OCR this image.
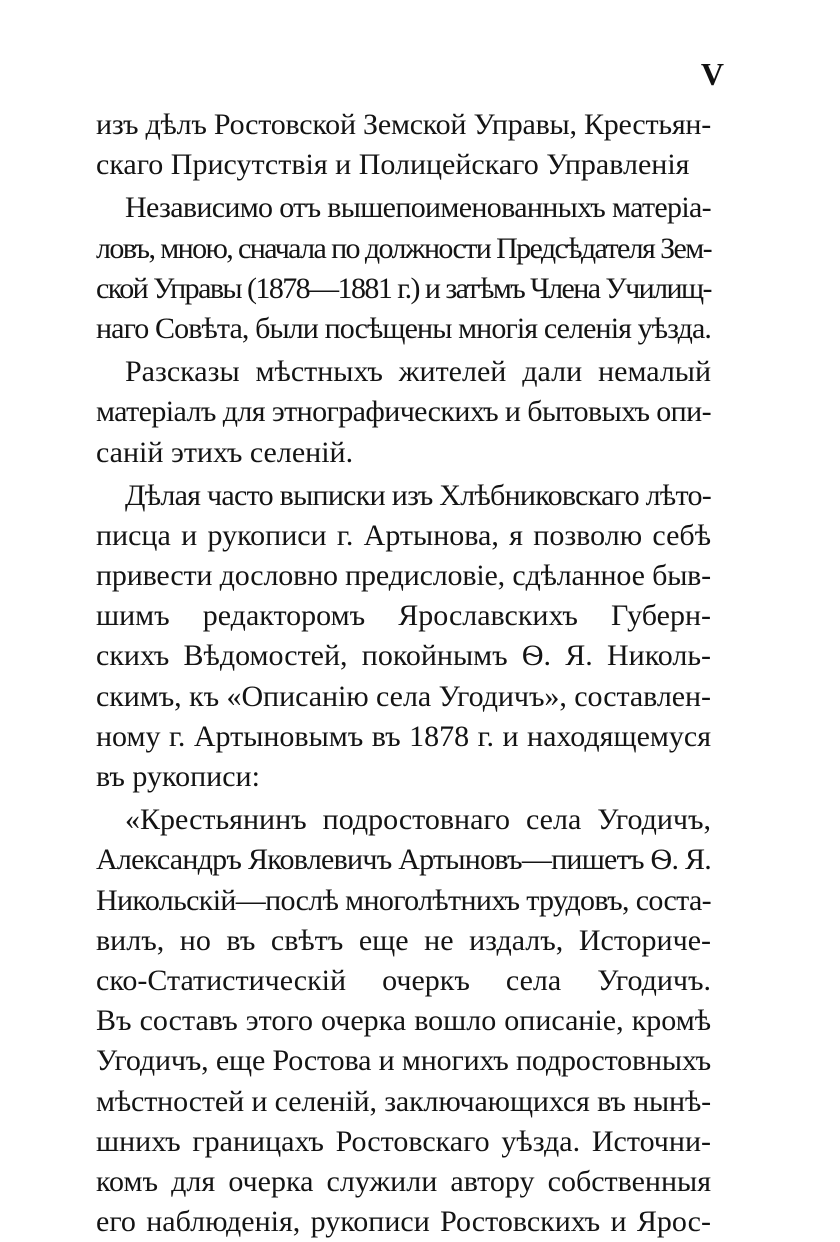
V
изъ дѣлъ Ростовской Земской Управы, Крестьян-
скаго Присутствія и Полицейскаго Управленія
Независимо отъ вышепоименованныхъ матеріа-
ловъ, мною, сначала по должности Предсѣдателя Зем-
ской Управы (1878—1881 г.) и затѣмъ Члена Училищ-
наго Совѣта, были посѣщены многія селенія уѣзда.
Разсказы мѣстныхъ жителей дали немалый
матеріалъ для этнографическихъ и бытовыхъ опи-
саній этихъ селеній.
Дѣлая часто выписки изъ Хлѣбниковскаго лѣто-
писца и рукописи г. Артынова, я позволю себѣ
привести дословно предисловіе, сдѣланное быв-
шимъ редакторомъ Ярославскихъ Губерн-
скихъ Вѣдомостей, покойнымъ Ѳ. Я. Николь-
скимъ, къ «Описанію села Угодичъ», составлен-
ному г. Артыновымъ въ 1878 г. и находящемуся
въ рукописи:
«Крестьянинъ подростовнаго села Угодичъ,
Александръ Яковлевичъ Артыновъ—пишетъ Ѳ. Я.
Никольскій—послѣ многолѣтнихъ трудовъ, соста-
вилъ, но въ свѣтъ еще не издалъ, Историче-
ско-Статистическій очеркъ села Угодичъ.
Въ составъ этого очерка вошло описаніе, кромѣ
Угодичъ, еще Ростова и многихъ подростовныхъ
мѣстностей и селеній, заключающихся въ нынѣ-
шнихъ границахъ Ростовскаго уѣзда. Источни-
комъ для очерка служили автору собственныя
его наблюденія, рукописи Ростовскихъ и Ярос-
